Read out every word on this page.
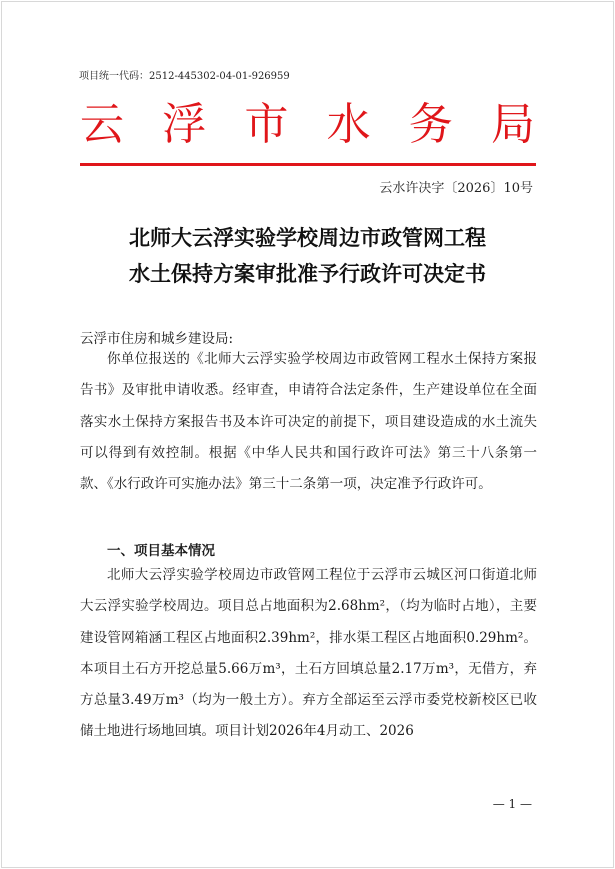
项目统一代码：2512-445302-04-01-926959
云 浮 市 水 务 局
云水许决字〔2026〕10号
北师大云浮实验学校周边市政管网工程
水土保持方案审批准予行政许可决定书
云浮市住房和城乡建设局:
你单位报送的《北师大云浮实验学校周边市政管网工程水土保持方案报告书》及审批申请收悉。经审查，申请符合法定条件，生产建设单位在全面落实水土保持方案报告书及本许可决定的前提下，项目建设造成的水土流失可以得到有效控制。根据《中华人民共和国行政许可法》第三十八条第一款、《水行政许可实施办法》第三十二条第一项，决定准予行政许可。
一、项目基本情况
北师大云浮实验学校周边市政管网工程位于云浮市云城区河口街道北师大云浮实验学校周边。项目总占地面积为2.68hm²，（均为临时占地），主要建设管网箱涵工程区占地面积2.39hm²，排水渠工程区占地面积0.29hm²。本项目土石方开挖总量5.66万m³，土石方回填总量2.17万m³，无借方，弃方总量3.49万m³（均为一般土方）。弃方全部运至云浮市委党校新校区已收储土地进行场地回填。项目计划2026年4月动工、2026
— 1 —
